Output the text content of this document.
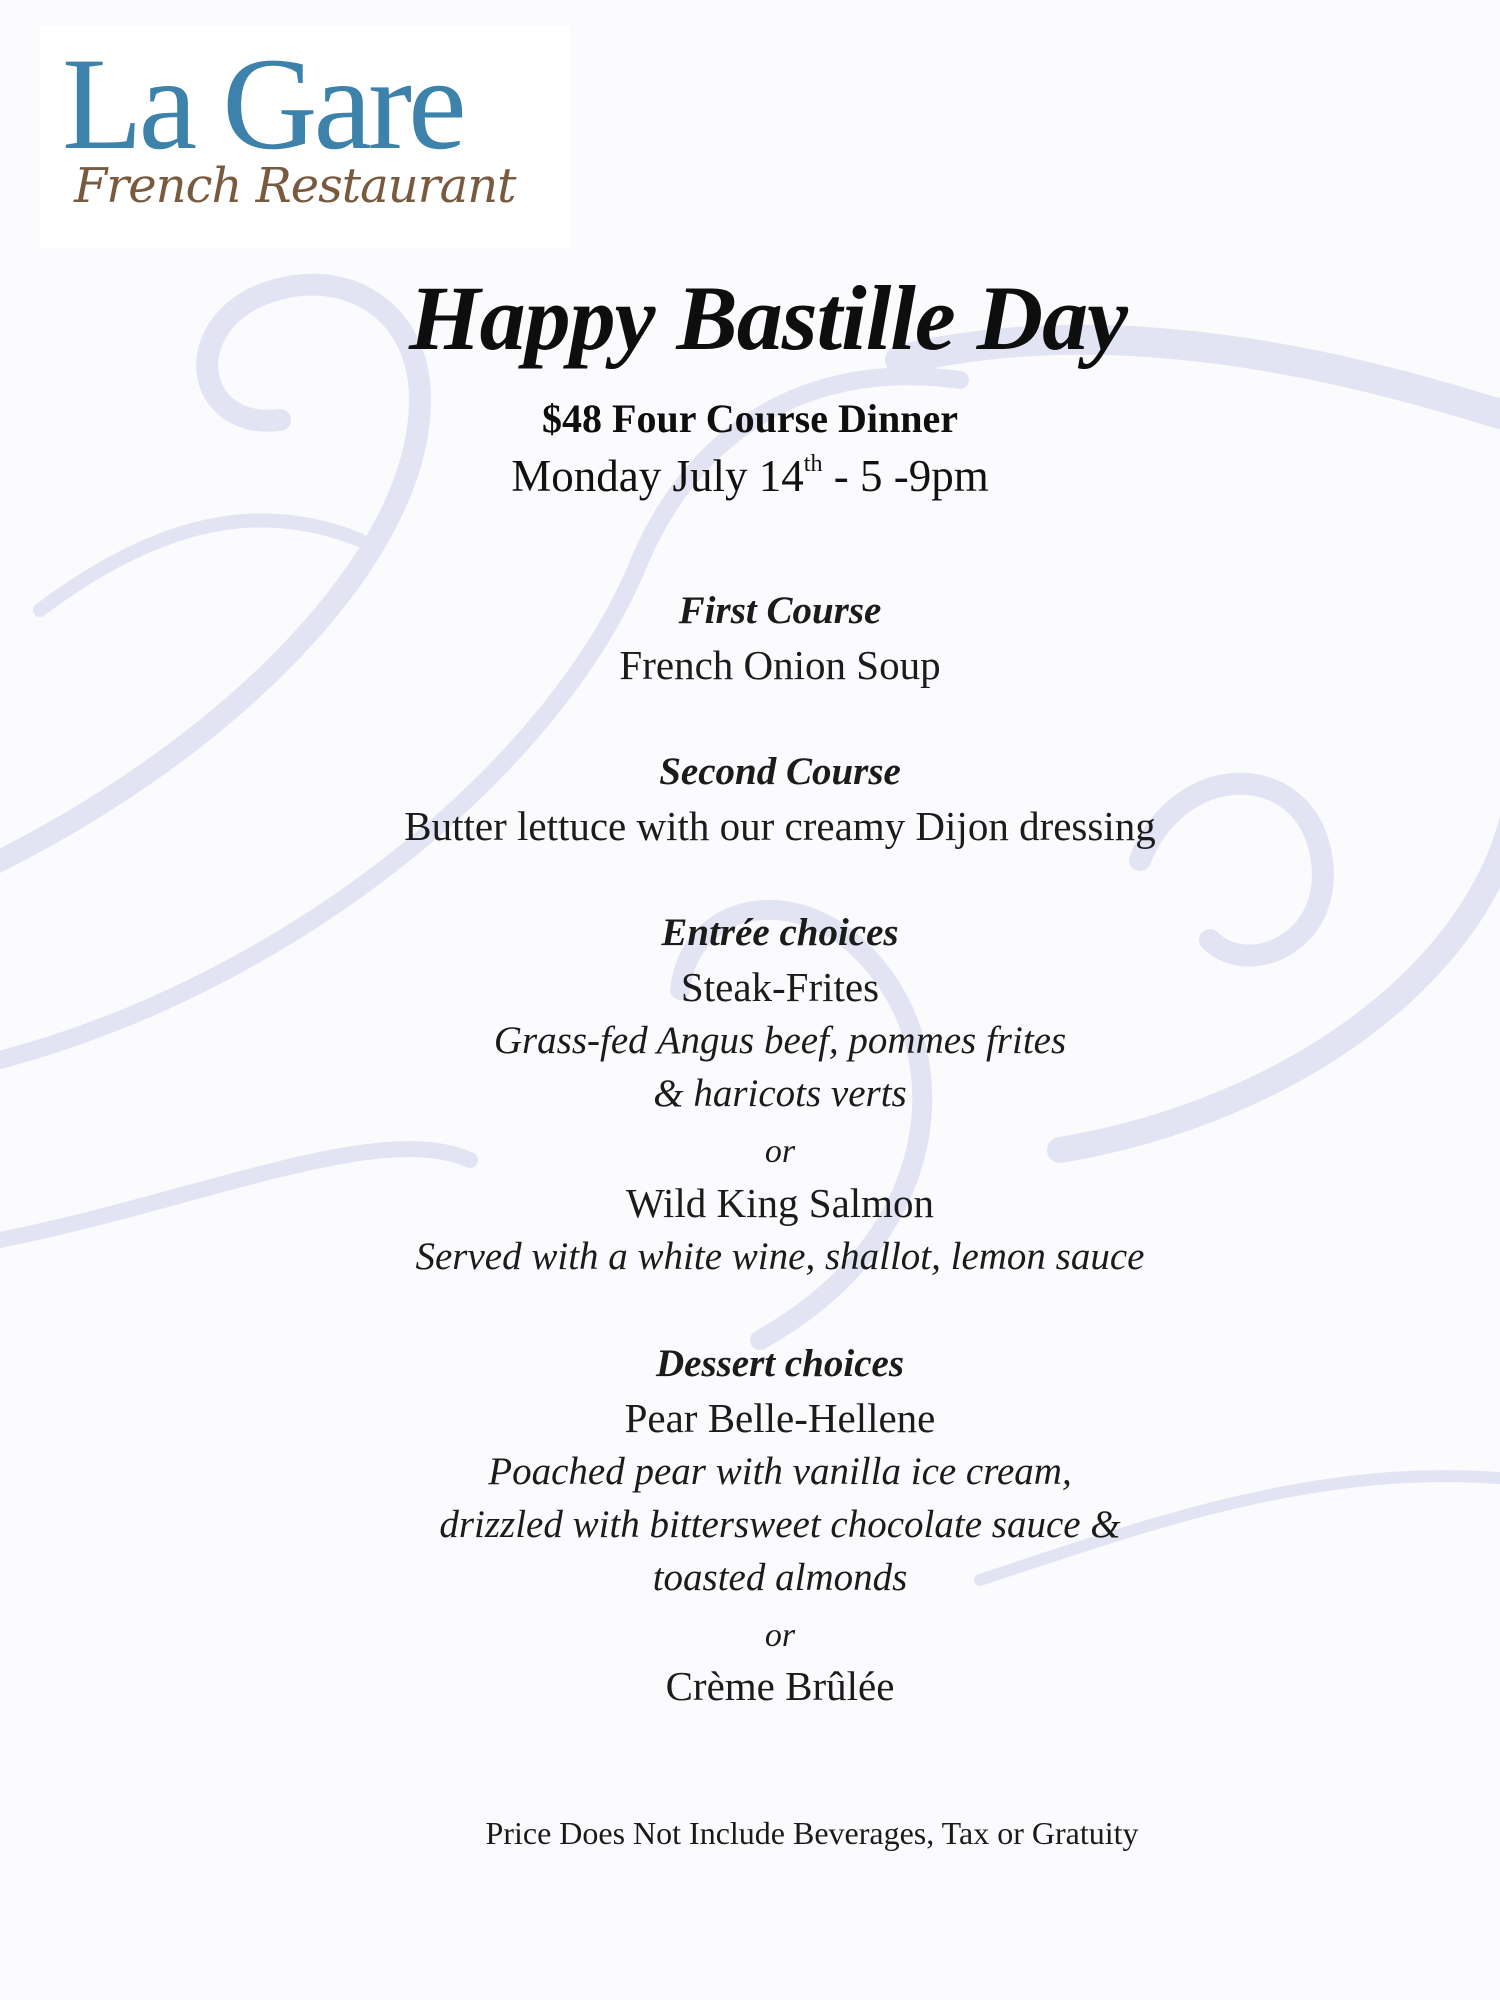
La Gare
French Restaurant
Happy Bastille Day
$48 Four Course Dinner
Monday July 14th - 5 -9pm
First Course
French Onion Soup
Second Course
Butter lettuce with our creamy Dijon dressing
Entrée choices
Steak-Frites
Grass-fed Angus beef, pommes frites
& haricots verts
or
Wild King Salmon
Served with a white wine, shallot, lemon sauce
Dessert choices
Pear Belle-Hellene
Poached pear with vanilla ice cream,
drizzled with bittersweet chocolate sauce &
toasted almonds
or
Crème Brûlée
Price Does Not Include Beverages, Tax or Gratuity
